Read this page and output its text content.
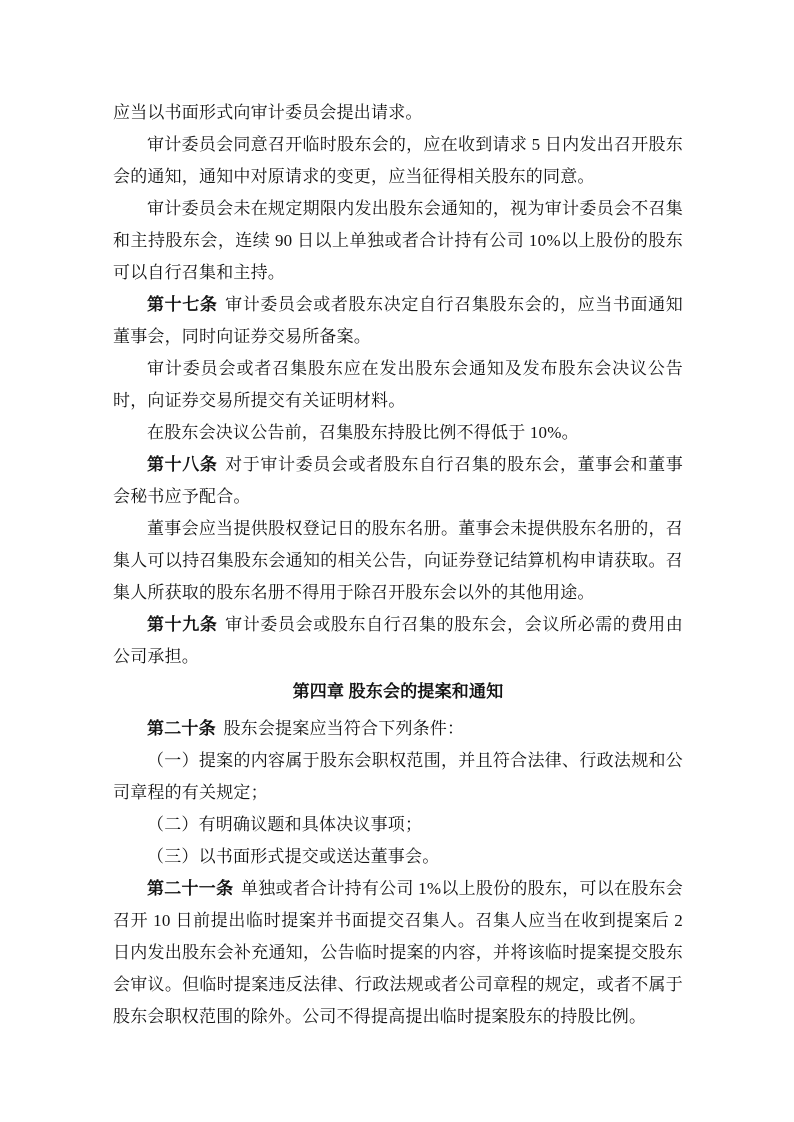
应当以书面形式向审计委员会提出请求。

审计委员会同意召开临时股东会的，应在收到请求 5 日内发出召开股东会的通知，通知中对原请求的变更，应当征得相关股东的同意。

审计委员会未在规定期限内发出股东会通知的，视为审计委员会不召集和主持股东会，连续 90 日以上单独或者合计持有公司 10%以上股份的股东可以自行召集和主持。

第十七条 审计委员会或者股东决定自行召集股东会的，应当书面通知董事会，同时向证券交易所备案。

审计委员会或者召集股东应在发出股东会通知及发布股东会决议公告时，向证券交易所提交有关证明材料。

在股东会决议公告前，召集股东持股比例不得低于 10%。

第十八条 对于审计委员会或者股东自行召集的股东会，董事会和董事会秘书应予配合。

董事会应当提供股权登记日的股东名册。董事会未提供股东名册的，召集人可以持召集股东会通知的相关公告，向证券登记结算机构申请获取。召集人所获取的股东名册不得用于除召开股东会以外的其他用途。

第十九条 审计委员会或股东自行召集的股东会，会议所必需的费用由公司承担。

第四章 股东会的提案和通知

第二十条 股东会提案应当符合下列条件：

（一）提案的内容属于股东会职权范围，并且符合法律、行政法规和公司章程的有关规定；

（二）有明确议题和具体决议事项；

（三）以书面形式提交或送达董事会。

第二十一条 单独或者合计持有公司 1%以上股份的股东，可以在股东会召开 10 日前提出临时提案并书面提交召集人。召集人应当在收到提案后 2 日内发出股东会补充通知，公告临时提案的内容，并将该临时提案提交股东会审议。但临时提案违反法律、行政法规或者公司章程的规定，或者不属于股东会职权范围的除外。公司不得提高提出临时提案股东的持股比例。
